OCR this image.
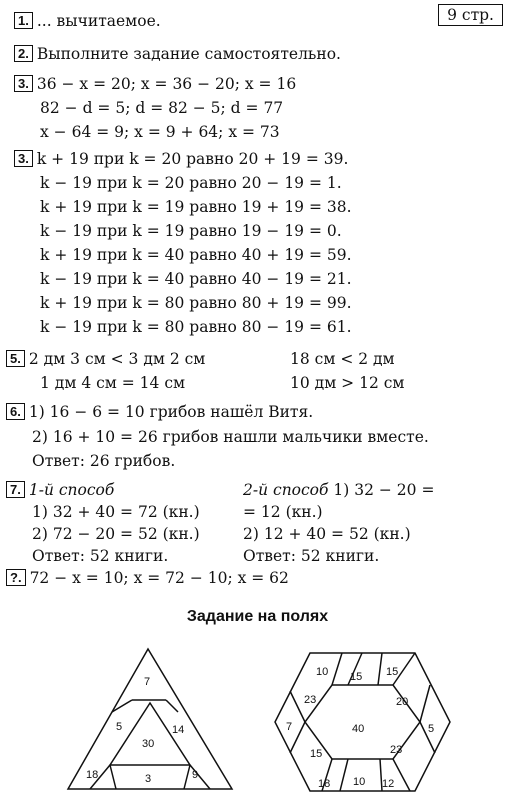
9 стр.
1. ... вычитаемое.
2. Выполните задание самостоятельно.
3. 36 − x = 20; x = 36 − 20; x = 16
82 − d = 5; d = 82 − 5; d = 77
x − 64 = 9; x = 9 + 64; x = 73
3. k + 19 при k = 20 равно 20 + 19 = 39.
k − 19 при k = 20 равно 20 − 19 = 1.
k + 19 при k = 19 равно 19 + 19 = 38.
k − 19 при k = 19 равно 19 − 19 = 0.
k + 19 при k = 40 равно 40 + 19 = 59.
k − 19 при k = 40 равно 40 − 19 = 21.
k + 19 при k = 80 равно 80 + 19 = 99.
k − 19 при k = 80 равно 80 − 19 = 61.
5. 2 дм 3 см < 3 дм 2 см
1 дм 4 см = 14 см
18 см < 2 дм
10 дм > 12 см
6. 1) 16 − 6 = 10 грибов нашёл Витя.
2) 16 + 10 = 26 грибов нашли мальчики вместе.
Ответ: 26 грибов.
7. 1-й способ
1) 32 + 40 = 72 (кн.)
2) 72 − 20 = 52 (кн.)
Ответ: 52 книги.
2-й способ 1) 32 − 20 =
= 12 (кн.)
2) 12 + 40 = 52 (кн.)
Ответ: 52 книги.
?. 72 − x = 10; x = 72 − 10; x = 62
Задание на полях
7
5	14
30
18	3	9
10 15 15
23	20
7	40	5
15	23
18 10 12
